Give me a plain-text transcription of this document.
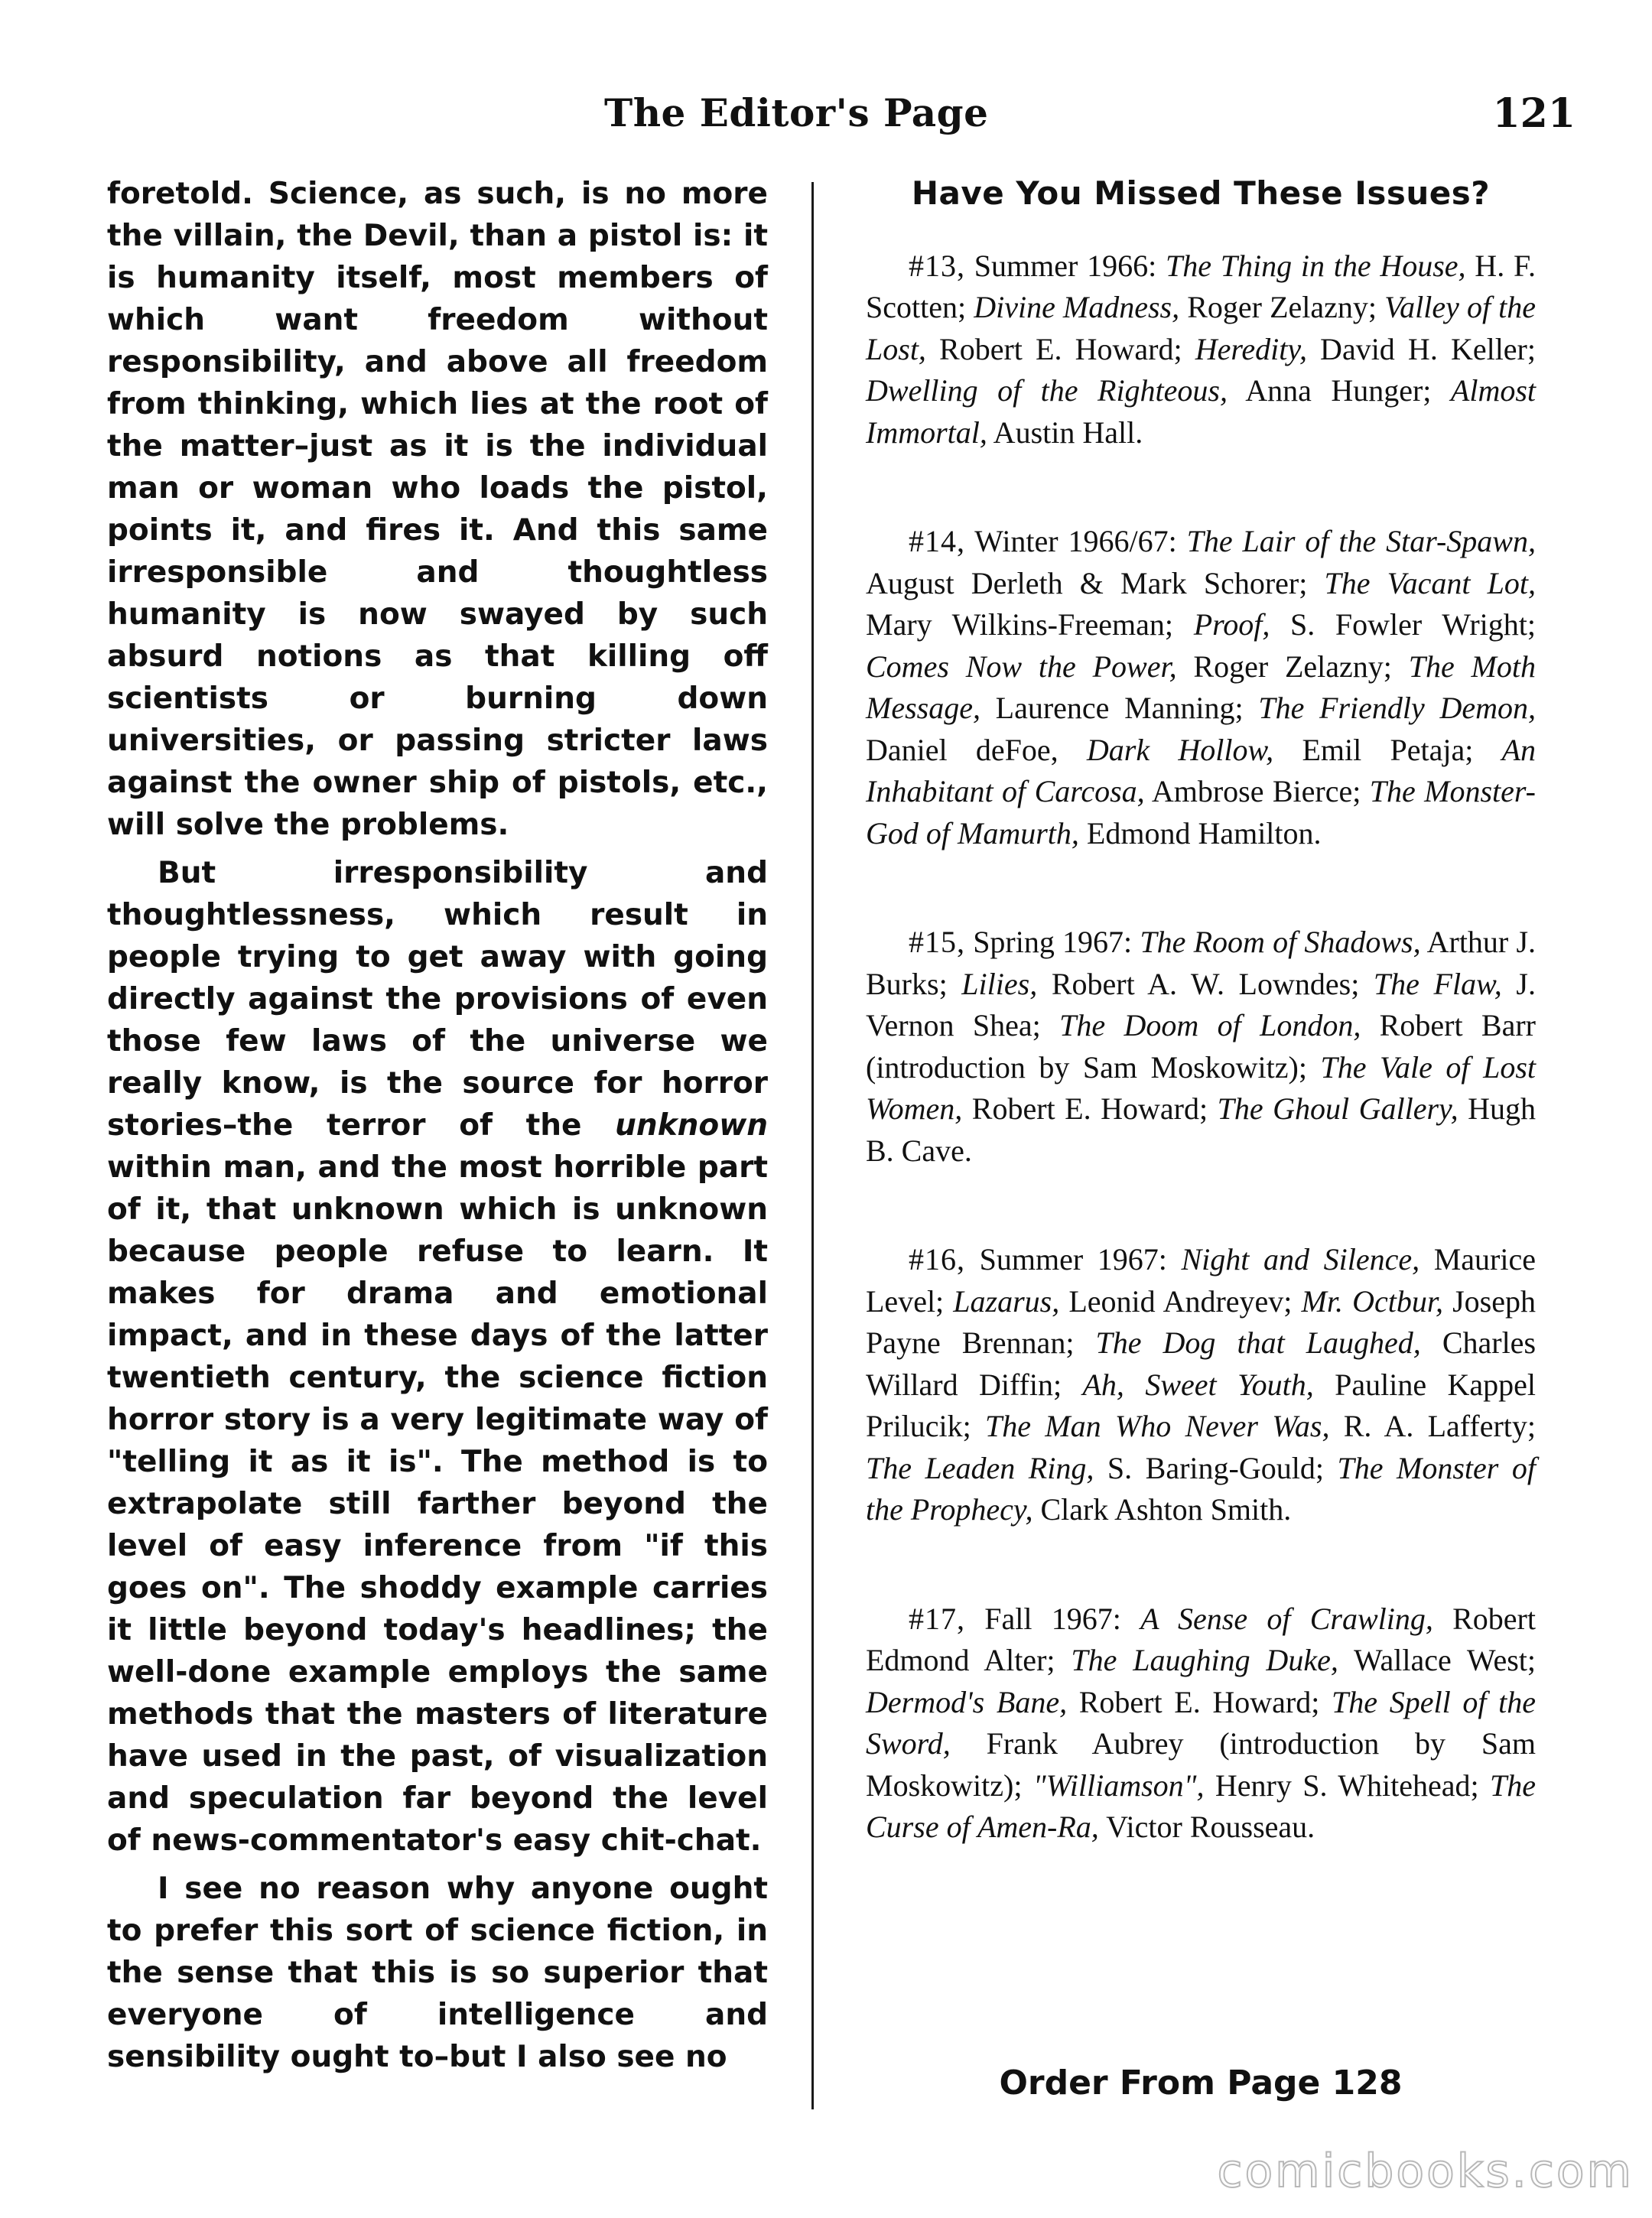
The Editor's Page	121

foretold. Science, as such, is no more the villain, the Devil, than a pistol is: it is humanity itself, most members of which want freedom without responsibility, and above all freedom from thinking, which lies at the root of the matter–just as it is the individual man or woman who loads the pistol, points it, and fires it. And this same irresponsible and thoughtless humanity is now swayed by such absurd notions as that killing off scientists or burning down universities, or passing stricter laws against the owner ship of pistols, etc., will solve the problems.

But irresponsibility and thoughtlessness, which result in people trying to get away with going directly against the provisions of even those few laws of the universe we really know, is the source for horror stories–the terror of the unknown within man, and the most horrible part of it, that unknown which is unknown because people refuse to learn. It makes for drama and emotional impact, and in these days of the latter twentieth century, the science fiction horror story is a very legitimate way of "telling it as it is". The method is to extrapolate still farther beyond the level of easy inference from "if this goes on". The shoddy example carries it little beyond today's headlines; the well-done example employs the same methods that the masters of literature have used in the past, of visualization and speculation far beyond the level of news-commentator's easy chit-chat.

I see no reason why anyone ought to prefer this sort of science fiction, in the sense that this is so superior that everyone of intelligence and sensibility ought to–but I also see no

Have You Missed These Issues?

#13, Summer 1966: The Thing in the House, H. F. Scotten; Divine Madness, Roger Zelazny; Valley of the Lost, Robert E. Howard; Heredity, David H. Keller; Dwelling of the Righteous, Anna Hunger; Almost Immortal, Austin Hall.

#14, Winter 1966/67: The Lair of the Star-Spawn, August Derleth & Mark Schorer; The Vacant Lot, Mary Wilkins-Freeman; Proof, S. Fowler Wright; Comes Now the Power, Roger Zelazny; The Moth Message, Laurence Manning; The Friendly Demon, Daniel deFoe, Dark Hollow, Emil Petaja; An Inhabitant of Carcosa, Ambrose Bierce; The Monster-God of Mamurth, Edmond Hamilton.

#15, Spring 1967: The Room of Shadows, Arthur J. Burks; Lilies, Robert A. W. Lowndes; The Flaw, J. Vernon Shea; The Doom of London, Robert Barr (introduction by Sam Moskowitz); The Vale of Lost Women, Robert E. Howard; The Ghoul Gallery, Hugh B. Cave.

#16, Summer 1967: Night and Silence, Maurice Level; Lazarus, Leonid Andreyev; Mr. Octbur, Joseph Payne Brennan; The Dog that Laughed, Charles Willard Diffin; Ah, Sweet Youth, Pauline Kappel Prilucik; The Man Who Never Was, R. A. Lafferty; The Leaden Ring, S. Baring-Gould; The Monster of the Prophecy, Clark Ashton Smith.

#17, Fall 1967: A Sense of Crawling, Robert Edmond Alter; The Laughing Duke, Wallace West; Dermod's Bane, Robert E. Howard; The Spell of the Sword, Frank Aubrey (introduction by Sam Moskowitz); "Williamson", Henry S. Whitehead; The Curse of Amen-Ra, Victor Rousseau.

Order From Page 128
comicbooks.com
